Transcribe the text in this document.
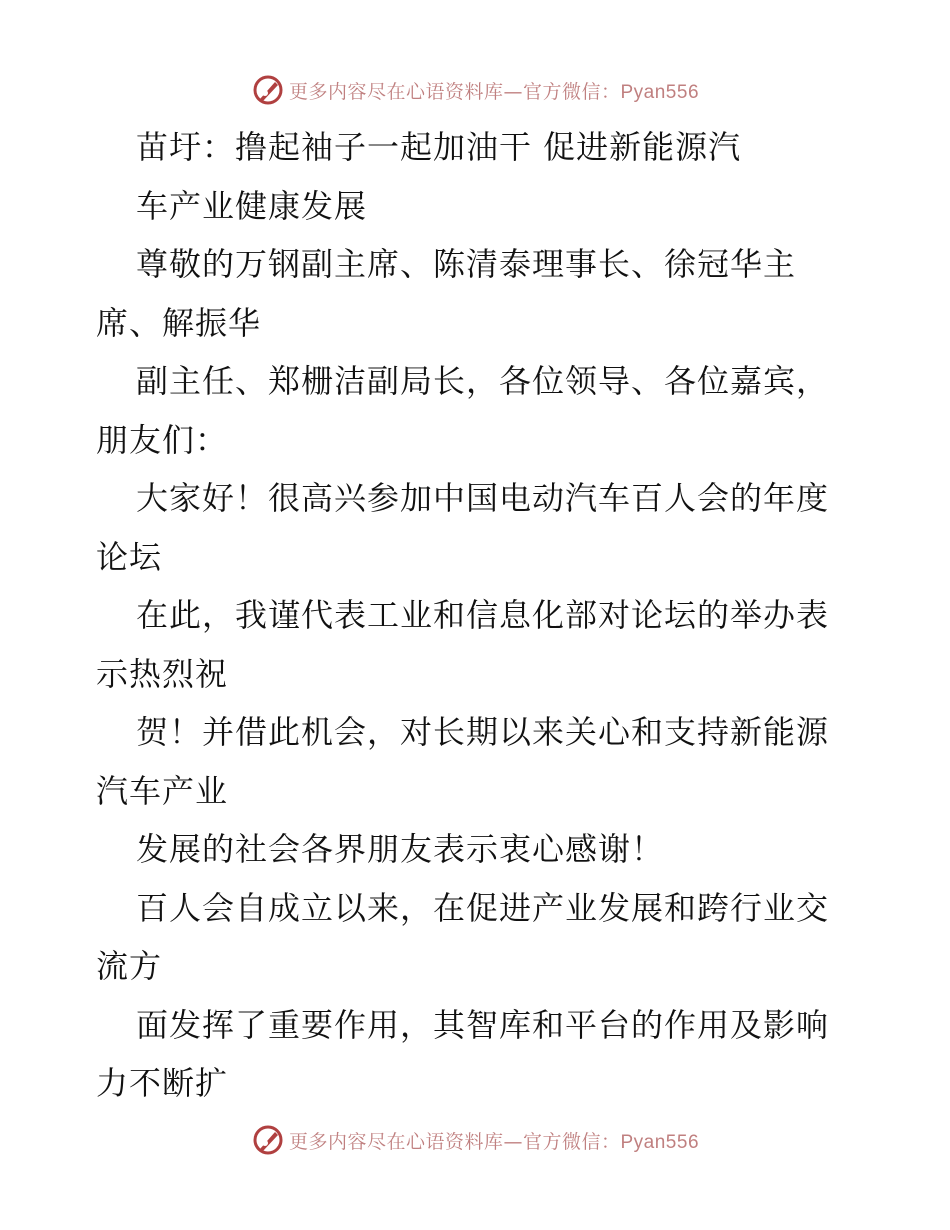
更多内容尽在心语资料库—官方微信：Pyan556
苗圩：撸起袖子一起加油干 促进新能源汽
车产业健康发展
尊敬的万钢副主席、陈清泰理事长、徐冠华主
席、解振华
副主任、郑栅洁副局长，各位领导、各位嘉宾，
朋友们：
大家好！很高兴参加中国电动汽车百人会的年度
论坛
在此，我谨代表工业和信息化部对论坛的举办表
示热烈祝
贺！并借此机会，对长期以来关心和支持新能源
汽车产业
发展的社会各界朋友表示衷心感谢！
百人会自成立以来，在促进产业发展和跨行业交
流方
面发挥了重要作用，其智库和平台的作用及影响
力不断扩
更多内容尽在心语资料库—官方微信：Pyan556
